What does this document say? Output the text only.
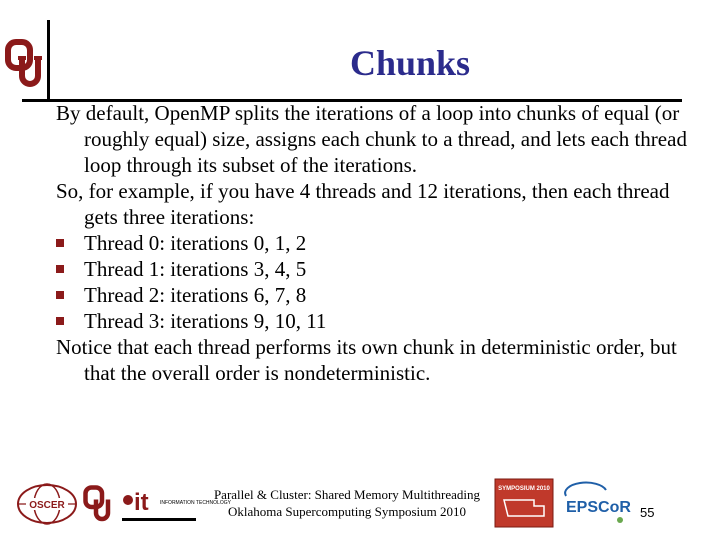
Chunks

By default, OpenMP splits the iterations of a loop into chunks of equal (or roughly equal) size, assigns each chunk to a thread, and lets each thread loop through its subset of the iterations.

So, for example, if you have 4 threads and 12 iterations, then each thread gets three iterations:

Thread 0: iterations 0, 1, 2
Thread 1: iterations 3, 4, 5
Thread 2: iterations 6, 7, 8
Thread 3: iterations 9, 10, 11

Notice that each thread performs its own chunk in deterministic order, but that the overall order is nondeterministic.

OSCER	it INFORMATION TECHNOLOGY
Parallel & Cluster: Shared Memory Multithreading
Oklahoma Supercomputing Symposium 2010
SYMPOSIUM 2010
EPSCoR 55
